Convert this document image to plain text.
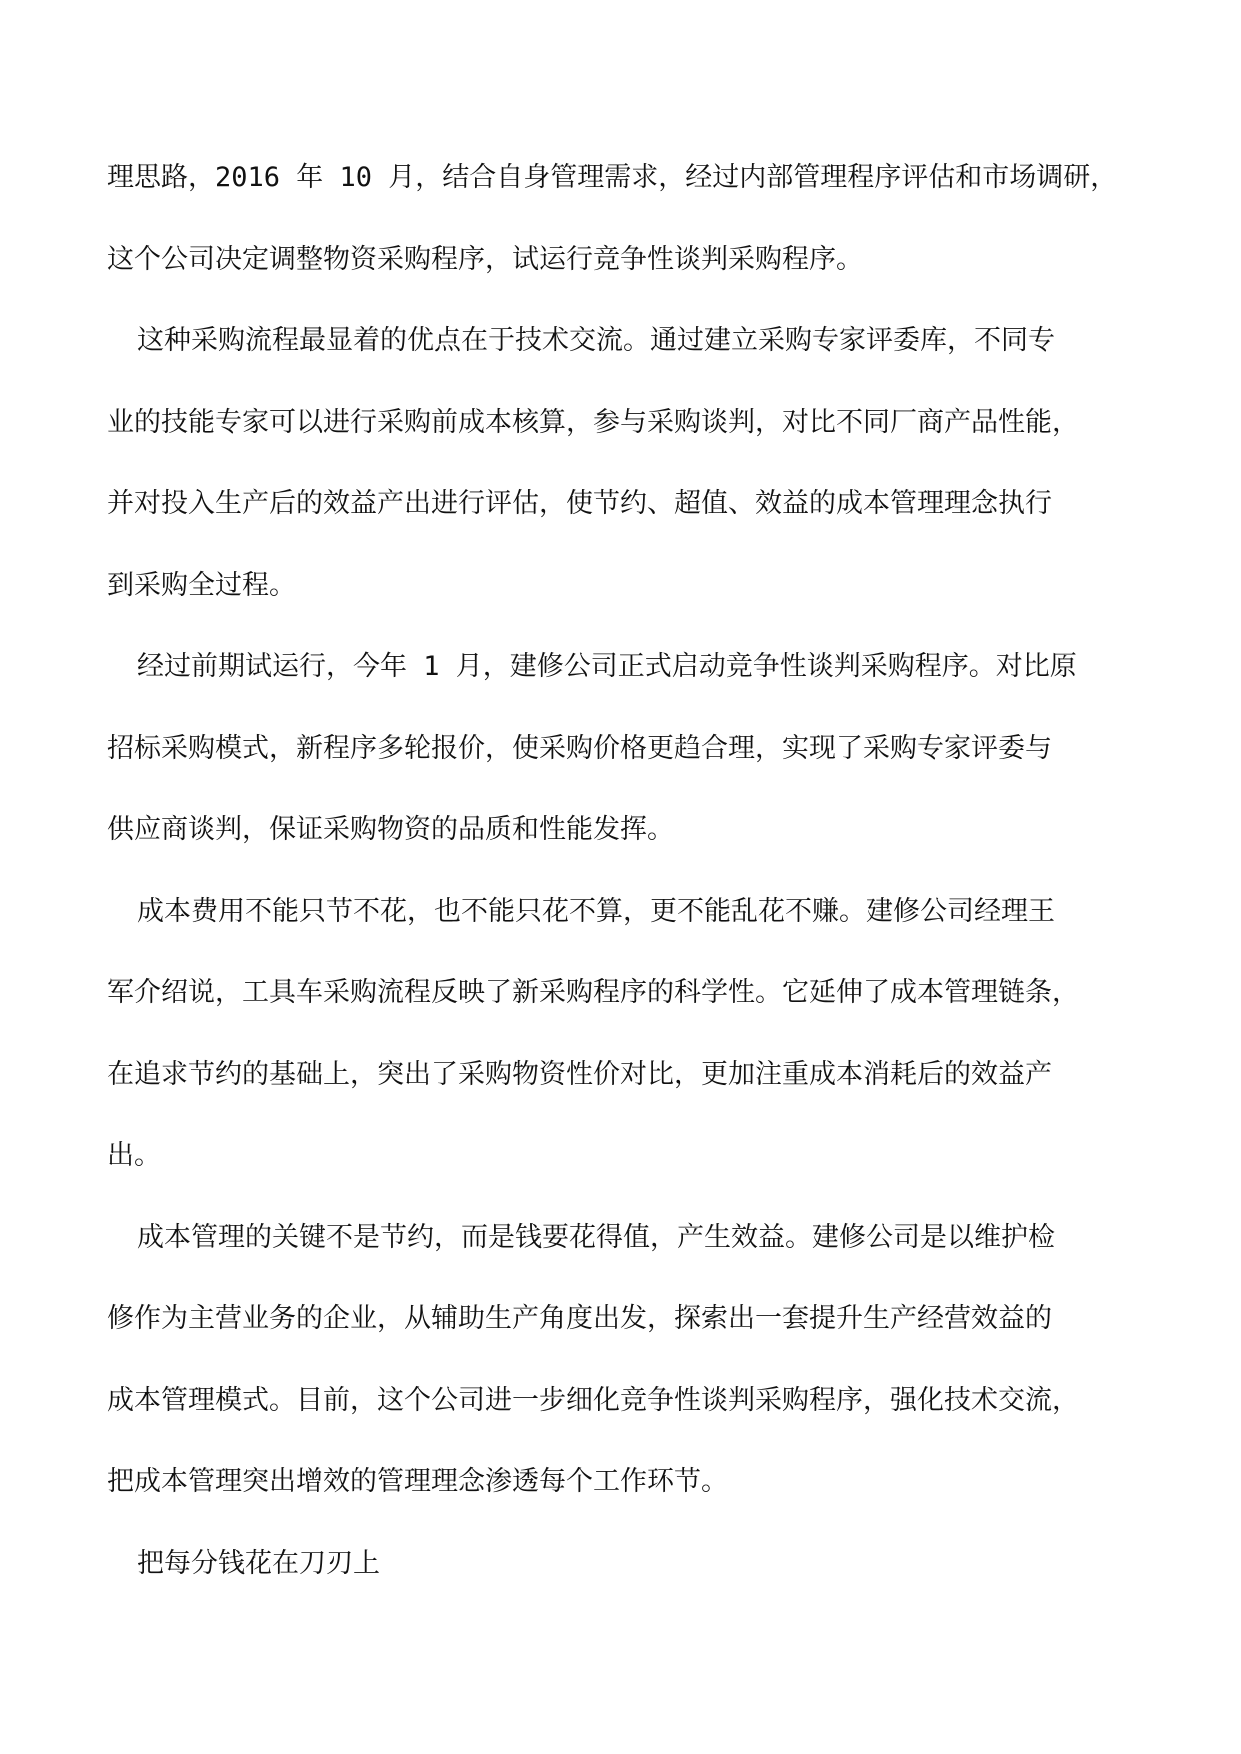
理思路，2016 年 10 月，结合自身管理需求，经过内部管理程序评估和市场调研，
这个公司决定调整物资采购程序，试运行竞争性谈判采购程序。
这种采购流程最显着的优点在于技术交流。通过建立采购专家评委库，不同专
业的技能专家可以进行采购前成本核算，参与采购谈判，对比不同厂商产品性能，
并对投入生产后的效益产出进行评估，使节约、超值、效益的成本管理理念执行
到采购全过程。
经过前期试运行，今年 1 月，建修公司正式启动竞争性谈判采购程序。对比原
招标采购模式，新程序多轮报价，使采购价格更趋合理，实现了采购专家评委与
供应商谈判，保证采购物资的品质和性能发挥。
成本费用不能只节不花，也不能只花不算，更不能乱花不赚。建修公司经理王
军介绍说，工具车采购流程反映了新采购程序的科学性。它延伸了成本管理链条，
在追求节约的基础上，突出了采购物资性价对比，更加注重成本消耗后的效益产
出。
成本管理的关键不是节约，而是钱要花得值，产生效益。建修公司是以维护检
修作为主营业务的企业，从辅助生产角度出发，探索出一套提升生产经营效益的
成本管理模式。目前，这个公司进一步细化竞争性谈判采购程序，强化技术交流，
把成本管理突出增效的管理理念渗透每个工作环节。
把每分钱花在刀刃上
